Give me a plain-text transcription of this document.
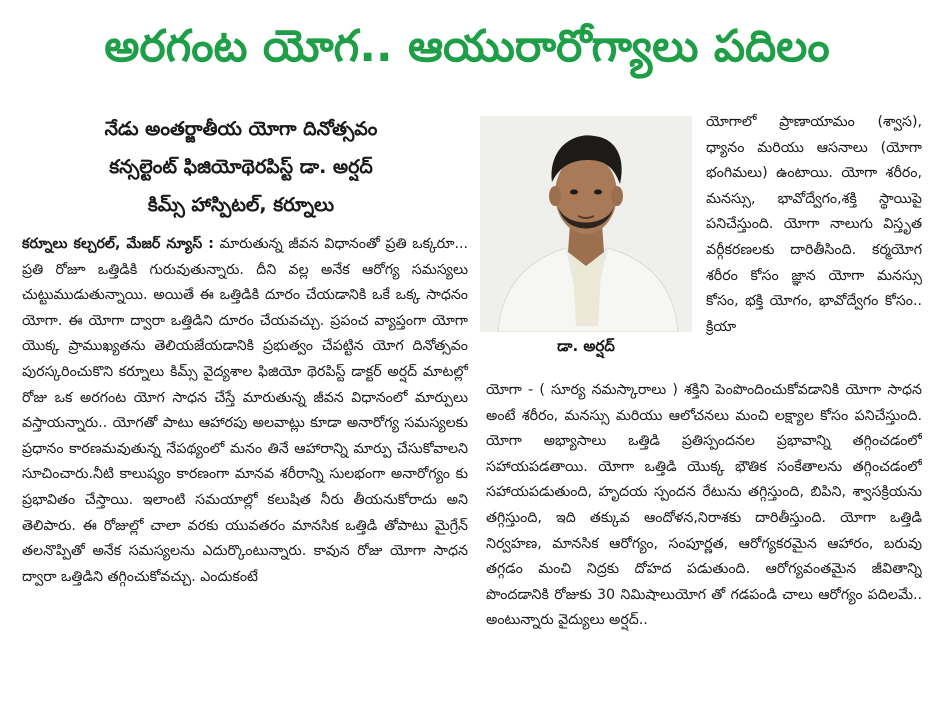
అరగంట యోగ.. ఆయురారోగ్యాలు పదిలం
నేడు అంతర్జాతీయ యోగా దినోత్సవం
కన్సల్టెంట్ ఫిజియోథెరపిస్ట్ డా. అర్షద్
కిమ్స్ హాస్పిటల్, కర్నూలు

కర్నూలు కల్చరల్, మేజర్ న్యూస్ : మారుతున్న జీవన విధానంతో ప్రతి ఒక్కరూ... ప్రతి రోజూ ఒత్తిడికి గురువుతున్నారు. దీని వల్ల అనేక ఆరోగ్య సమస్యలు చుట్టుముడుతున్నాయి. అయితే ఈ ఒత్తిడికి దూరం చేయడానికి ఒకే ఒక్క సాధనం యోగా. ఈ యోగా ద్వారా ఒత్తిడిని దూరం చేయవచ్చు. ప్రపంచ వ్యాప్తంగా యోగా యొక్క ప్రాముఖ్యతను తెలియజేయడానికి ప్రభుత్వం చేపట్టిన యోగ దినోత్సవం పురస్కరించుకొని కర్నూలు కిమ్స్ వైద్యశాల ఫిజియో థెరపిస్ట్ డాక్టర్ అర్షద్ మాటల్లో రోజు ఒక అరగంట యోగ సాధన చేస్తే మారుతున్న జీవన విధానంలో మార్పులు వస్తాయన్నారు.. యోగతో పాటు ఆహారపు అలవాట్లు కూడా అనారోగ్య సమస్యలకు ప్రధానం కారణమవుతున్న నేపథ్యంలో మనం తినే ఆహారాన్ని మార్పు చేసుకోవాలని సూచించారు.నీటి కాలుష్యం కారణంగా మానవ శరీరాన్ని సులభంగా అనారోగ్యం కు ప్రభావితం చేస్తాయి. ఇలాంటి సమయాల్లో కలుషిత నీరు తీయనుకోరాదు అని తెలిపారు. ఈ రోజుల్లో చాలా వరకు యువతరం మానసిక ఒత్తిడి తోపాటు మైగ్రేన్ తలనొప్పితో అనేక సమస్యలను ఎదుర్కొంటున్నారు. కావున రోజు యోగా సాధన ద్వారా ఒత్తిడిని తగ్గించుకోవచ్చు. ఎందుకంటే

డా. అర్షద్

యోగాలో ప్రాణాయామం (శ్వాస), ధ్యానం మరియు ఆసనాలు (యోగా భంగిమలు) ఉంటాయి. యోగా శరీరం, మనస్సు, భావోద్వేగం,శక్తి స్థాయిపై పనిచేస్తుంది. యోగా నాలుగు విస్తృత వర్గీకరణలకు దారితీసింది. కర్మయోగ శరీరం కోసం జ్ఞాన యోగా మనస్సు కోసం, భక్తి యోగం, భావోద్వేగం కోసం.. క్రియా

యోగా - ( సూర్య నమస్కారాలు ) శక్తిని పెంపొందించుకోవడానికి యోగా సాధన అంటే శరీరం, మనస్సు మరియు ఆలోచనలు మంచి లక్ష్యాల కోసం పనిచేస్తుంది. యోగా అభ్యాసాలు ఒత్తిడి ప్రతిస్పందనల ప్రభావాన్ని తగ్గించడంలో సహాయపడతాయి. యోగా ఒత్తిడి యొక్క భౌతిక సంకేతాలను తగ్గించడంలో సహాయపడుతుంది, హృదయ స్పందన రేటును తగ్గిస్తుంది, బిపిని, శ్వాసక్రియను తగ్గిస్తుంది, ఇది తక్కువ ఆందోళన,నిరాశకు దారితీస్తుంది. యోగా ఒత్తిడి నిర్వహణ, మానసిక ఆరోగ్యం, సంపూర్ణత, ఆరోగ్యకరమైన ఆహారం, బరువు తగ్గడం మంచి నిద్రకు దోహద పడుతుంది. ఆరోగ్యవంతమైన జీవితాన్ని పొందడానికి రోజుకు 30 నిమిషాలుయోగ తో గడపండి చాలు ఆరోగ్యం పదిలమే.. అంటున్నారు వైద్యులు అర్షద్..
